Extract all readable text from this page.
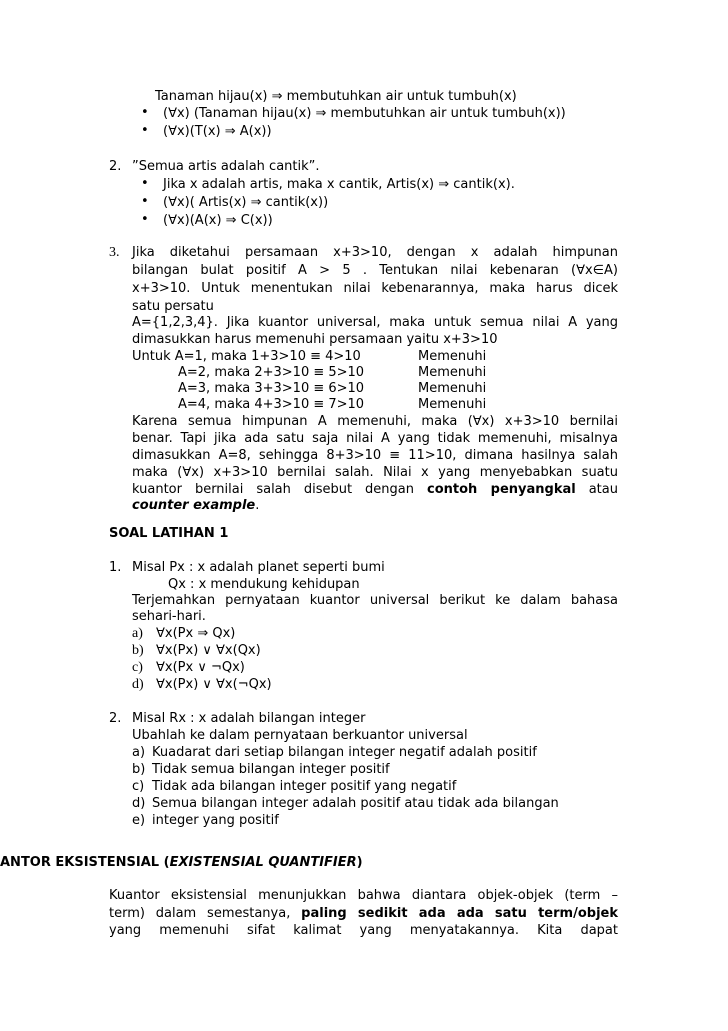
Tanaman hijau(x) ⇒ membutuhkan air untuk tumbuh(x)
• (∀x) (Tanaman hijau(x) ⇒ membutuhkan air untuk tumbuh(x))
• (∀x)(T(x) ⇒ A(x))
2. ”Semua artis adalah cantik”.
• Jika x adalah artis, maka x cantik, Artis(x) ⇒ cantik(x).
• (∀x)( Artis(x) ⇒ cantik(x))
• (∀x)(A(x) ⇒ C(x))
3. Jika diketahui persamaan x+3>10, dengan x adalah himpunan
bilangan bulat positif A > 5 . Tentukan nilai kebenaran (∀x∈A)
x+3>10. Untuk menentukan nilai kebenarannya, maka harus dicek
satu persatu
A={1,2,3,4}. Jika kuantor universal, maka untuk semua nilai A yang
dimasukkan harus memenuhi persamaan yaitu x+3>10
Untuk A=1, maka 1+3>10 ≡ 4>10	Memenuhi
A=2, maka 2+3>10 ≡ 5>10	Memenuhi
A=3, maka 3+3>10 ≡ 6>10	Memenuhi
A=4, maka 4+3>10 ≡ 7>10	Memenuhi
Karena semua himpunan A memenuhi, maka (∀x) x+3>10 bernilai
benar. Tapi jika ada satu saja nilai A yang tidak memenuhi, misalnya
dimasukkan A=8, sehingga 8+3>10 ≡ 11>10, dimana hasilnya salah
maka (∀x) x+3>10 bernilai salah. Nilai x yang menyebabkan suatu
kuantor bernilai salah disebut dengan contoh penyangkal atau
counter example.
SOAL LATIHAN 1
1. Misal Px : x adalah planet seperti bumi
Qx : x mendukung kehidupan
Terjemahkan pernyataan kuantor universal berikut ke dalam bahasa
sehari-hari.
a) ∀x(Px ⇒ Qx)
b) ∀x(Px) ∨ ∀x(Qx)
c) ∀x(Px ∨ ¬Qx)
d) ∀x(Px) ∨ ∀x(¬Qx)
2. Misal Rx : x adalah bilangan integer
Ubahlah ke dalam pernyataan berkuantor universal
a) Kuadarat dari setiap bilangan integer negatif adalah positif
b) Tidak semua bilangan integer positif
c) Tidak ada bilangan integer positif yang negatif
d) Semua bilangan integer adalah positif atau tidak ada bilangan
e) integer yang positif
ANTOR EKSISTENSIAL (EXISTENSIAL QUANTIFIER)
Kuantor eksistensial menunjukkan bahwa diantara objek-objek (term –
term) dalam semestanya, paling sedikit ada ada satu term/objek
yang memenuhi sifat kalimat yang menyatakannya. Kita dapat
